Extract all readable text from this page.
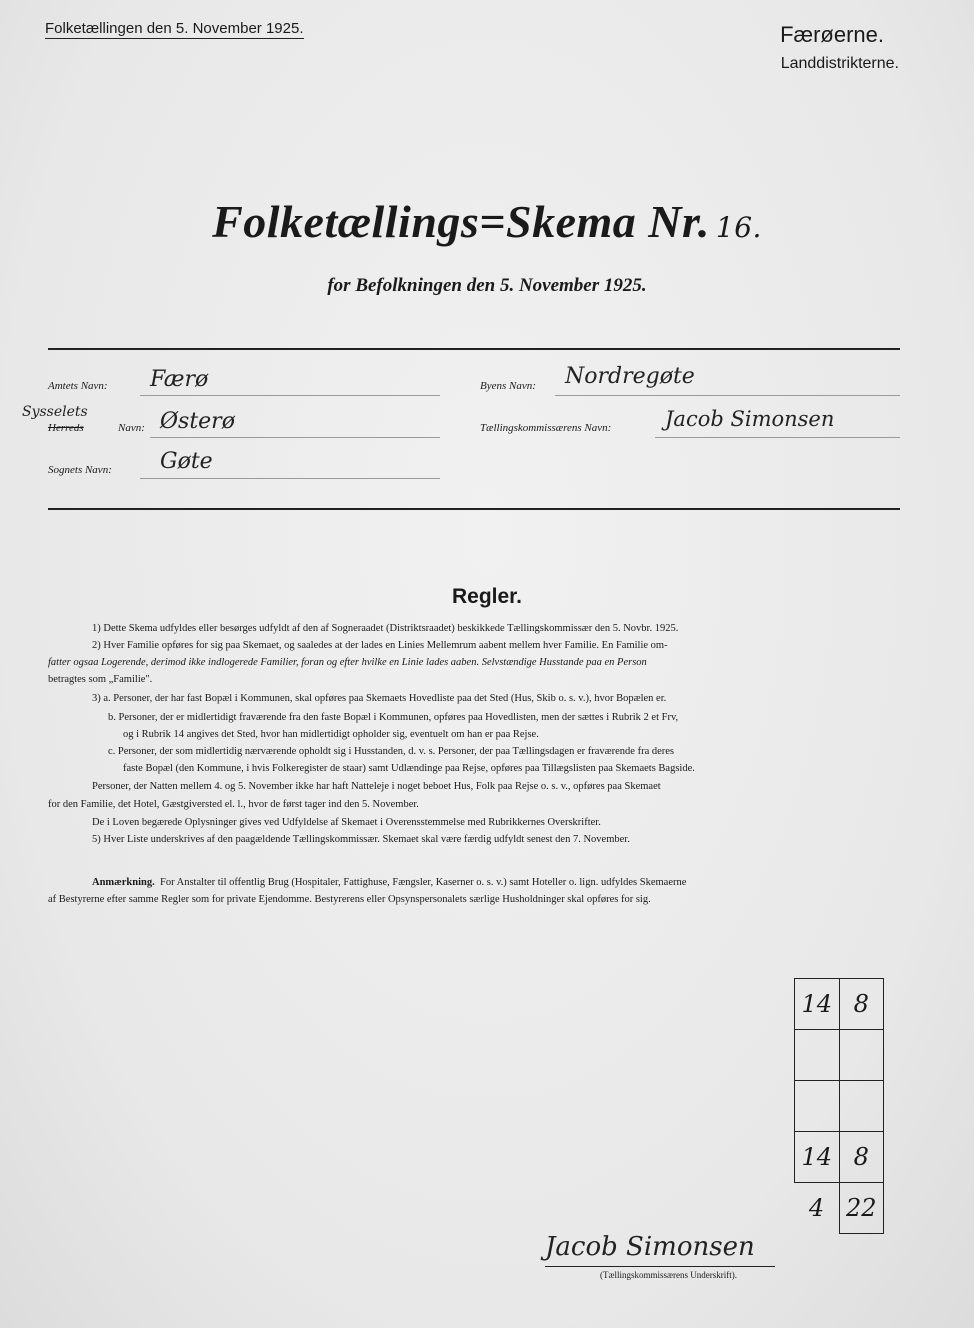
Folketællingen den 5. November 1925.	Færøerne.
Landdistrikterne.
Folketællings=Skema Nr. 16.
for Befolkningen den 5. November 1925.
Amtets Navn: Færø
Sysselets
Herreds	Navn: Østerø
Sognets Navn: Gøte
Byens Navn: Nordregøte
Tællingskommissærens Navn:	Jacob Simonsen
Regler.
1) Dette Skema udfyldes eller besørges udfyldt af den af Sogneraadet (Distriktsraadet) beskikkede Tællingskommissær den 5. Novbr. 1925.
2) Hver Familie opføres for sig paa Skemaet, og saaledes at der lades en Linies Mellemrum aabent mellem hver Familie. En Familie om-
fatter ogsaa Logerende, derimod ikke indlogerede Familier, foran og efter hvilke en Linie lades aaben. Selvstændige Husstande paa en Person
betragtes som „Familie".
3) a. Personer, der har fast Bopæl i Kommunen, skal opføres paa Skemaets Hovedliste paa det Sted (Hus, Skib o. s. v.), hvor Bopælen er.
b. Personer, der er midlertidigt fraværende fra den faste Bopæl i Kommunen, opføres paa Hovedlisten, men der sættes i Rubrik 2 et Frv,
og i Rubrik 14 angives det Sted, hvor han midlertidigt opholder sig, eventuelt om han er paa Rejse.
c. Personer, der som midlertidig nærværende opholdt sig i Husstanden, d. v. s. Personer, der paa Tællingsdagen er fraværende fra deres
faste Bopæl (den Kommune, i hvis Folkeregister de staar) samt Udlændinge paa Rejse, opføres paa Tillægslisten paa Skemaets Bagside.
Personer, der Natten mellem 4. og 5. November ikke har haft Natteleje i noget beboet Hus, Folk paa Rejse o. s. v., opføres paa Skemaet
for den Familie, det Hotel, Gæstgiversted el. l., hvor de først tager ind den 5. November.
De i Loven begærede Oplysninger gives ved Udfyldelse af Skemaet i Overensstemmelse med Rubrikkernes Overskrifter.
5) Hver Liste underskrives af den paagældende Tællingskommissær. Skemaet skal være færdig udfyldt senest den 7. November.
Anmærkning. For Anstalter til offentlig Brug (Hospitaler, Fattighuse, Fængsler, Kaserner o. s. v.) samt Hoteller o. lign. udfyldes Skemaerne
af Bestyrerne efter samme Regler som for private Ejendomme. Bestyrerens eller Opsynspersonalets særlige Husholdninger skal opføres for sig.
14	8

14	8
4	22
Jacob Simonsen
(Tællingskommissærens Underskrift).
